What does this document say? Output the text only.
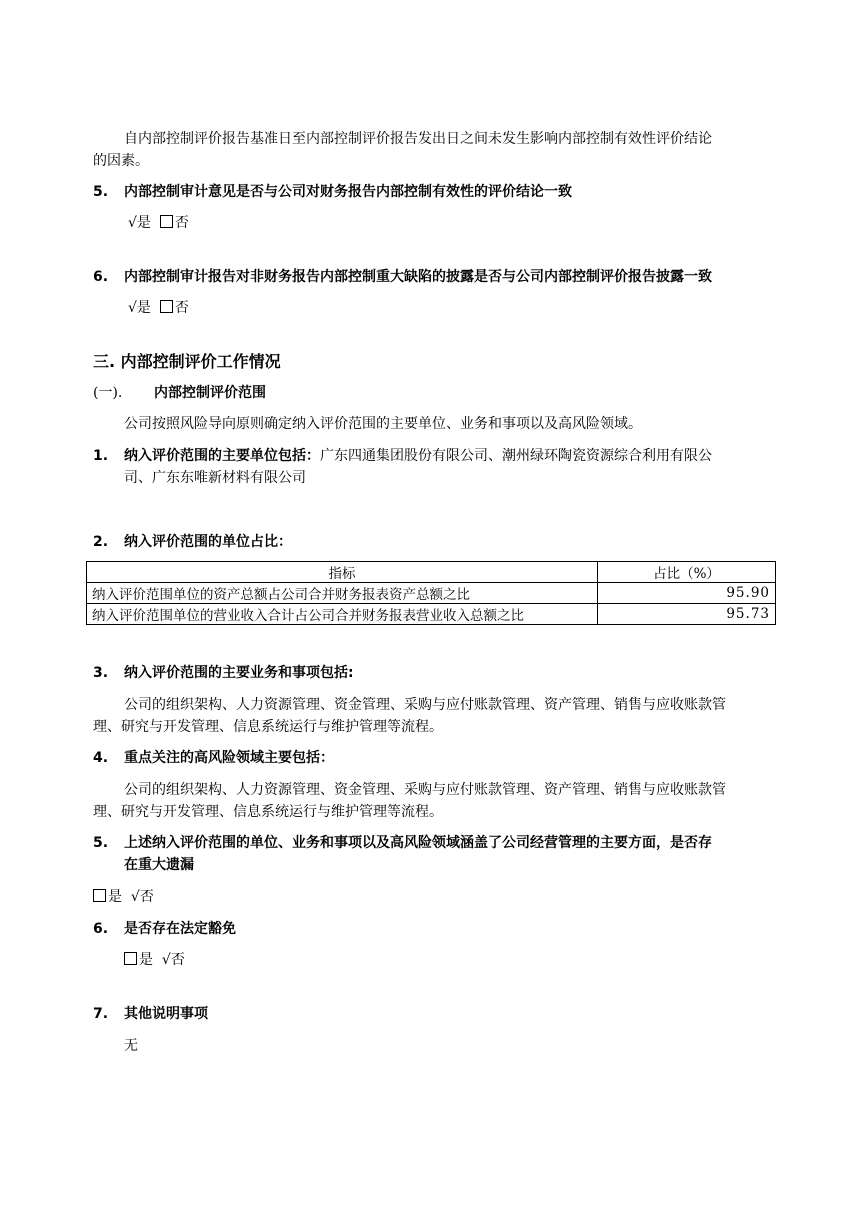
自内部控制评价报告基准日至内部控制评价报告发出日之间未发生影响内部控制有效性评价结论
的因素。
5. 内部控制审计意见是否与公司对财务报告内部控制有效性的评价结论一致
√是 否
6. 内部控制审计报告对非财务报告内部控制重大缺陷的披露是否与公司内部控制评价报告披露一致
√是 否
三. 内部控制评价工作情况
(一). 内部控制评价范围
公司按照风险导向原则确定纳入评价范围的主要单位、业务和事项以及高风险领域。
1. 纳入评价范围的主要单位包括：广东四通集团股份有限公司、潮州绿环陶瓷资源综合利用有限公
司、广东东唯新材料有限公司
2. 纳入评价范围的单位占比：
指标	占比（%）
纳入评价范围单位的资产总额占公司合并财务报表资产总额之比	95.90
纳入评价范围单位的营业收入合计占公司合并财务报表营业收入总额之比	95.73
3. 纳入评价范围的主要业务和事项包括:
公司的组织架构、人力资源管理、资金管理、采购与应付账款管理、资产管理、销售与应收账款管
理、研究与开发管理、信息系统运行与维护管理等流程。
4. 重点关注的高风险领域主要包括：
公司的组织架构、人力资源管理、资金管理、采购与应付账款管理、资产管理、销售与应收账款管
理、研究与开发管理、信息系统运行与维护管理等流程。
5. 上述纳入评价范围的单位、业务和事项以及高风险领域涵盖了公司经营管理的主要方面，是否存
在重大遗漏
是 √否
6. 是否存在法定豁免
是 √否
7. 其他说明事项
无
